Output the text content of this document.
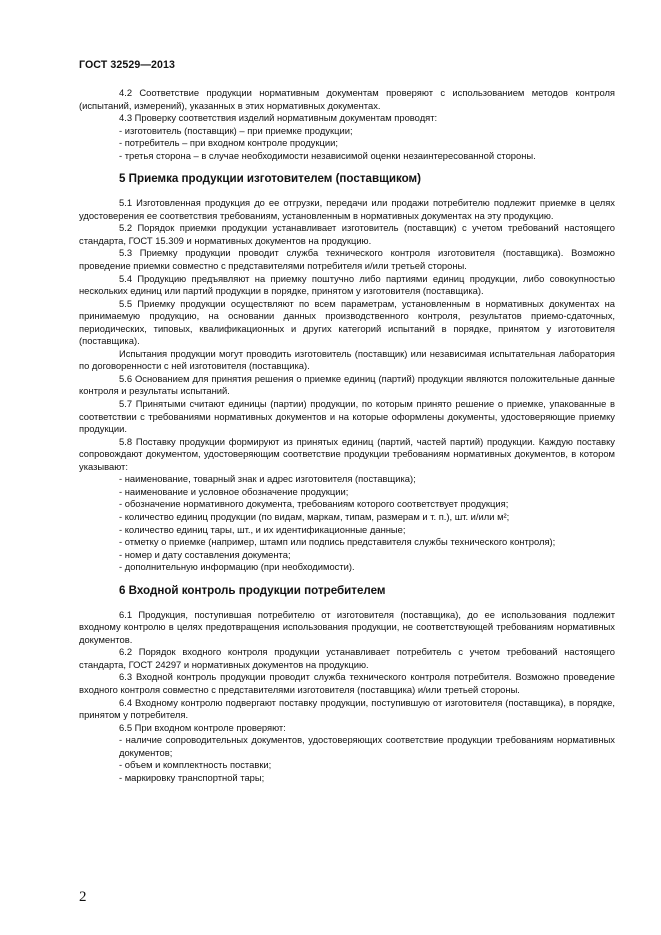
ГОСТ 32529—2013
4.2 Соответствие продукции нормативным документам проверяют с использованием методов контроля (испытаний, измерений), указанных в этих нормативных документах.
4.3 Проверку соответствия изделий нормативным документам проводят:
- изготовитель (поставщик) – при приемке продукции;
- потребитель – при входном контроле продукции;
- третья сторона – в случае необходимости независимой оценки незаинтересованной стороны.
5 Приемка продукции изготовителем (поставщиком)
5.1 Изготовленная продукция до ее отгрузки, передачи или продажи потребителю подлежит приемке в целях удостоверения ее соответствия требованиям, установленным в нормативных документах на эту продукцию.
5.2 Порядок приемки продукции устанавливает изготовитель (поставщик) с учетом требований настоящего стандарта, ГОСТ 15.309 и нормативных документов на продукцию.
5.3 Приемку продукции проводит служба технического контроля изготовителя (поставщика). Возможно проведение приемки совместно с представителями потребителя и/или третьей стороны.
5.4 Продукцию предъявляют на приемку поштучно либо партиями единиц продукции, либо совокупностью нескольких единиц или партий продукции в порядке, принятом у изготовителя (поставщика).
5.5 Приемку продукции осуществляют по всем параметрам, установленным в нормативных документах на принимаемую продукцию, на основании данных производственного контроля, результатов приемо-сдаточных, периодических, типовых, квалификационных и других категорий испытаний в порядке, принятом у изготовителя (поставщика).
Испытания продукции могут проводить изготовитель (поставщик) или независимая испытательная лаборатория по договоренности с ней изготовителя (поставщика).
5.6 Основанием для принятия решения о приемке единиц (партий) продукции являются положительные данные контроля и результаты испытаний.
5.7 Принятыми считают единицы (партии) продукции, по которым принято решение о приемке, упакованные в соответствии с требованиями нормативных документов и на которые оформлены документы, удостоверяющие приемку продукции.
5.8 Поставку продукции формируют из принятых единиц (партий, частей партий) продукции. Каждую поставку сопровождают документом, удостоверяющим соответствие продукции требованиям нормативных документов, в котором указывают:
- наименование, товарный знак и адрес изготовителя (поставщика);
- наименование и условное обозначение продукции;
- обозначение нормативного документа, требованиям которого соответствует продукция;
- количество единиц продукции (по видам, маркам, типам, размерам и т. п.), шт. и/или м²;
- количество единиц тары, шт., и их идентификационные данные;
- отметку о приемке (например, штамп или подпись представителя службы технического контроля);
- номер и дату составления документа;
- дополнительную информацию (при необходимости).
6 Входной контроль продукции потребителем
6.1 Продукция, поступившая потребителю от изготовителя (поставщика), до ее использования подлежит входному контролю в целях предотвращения использования продукции, не соответствующей требованиям нормативных документов.
6.2 Порядок входного контроля продукции устанавливает потребитель с учетом требований настоящего стандарта, ГОСТ 24297 и нормативных документов на продукцию.
6.3 Входной контроль продукции проводит служба технического контроля потребителя. Возможно проведение входного контроля совместно с представителями изготовителя (поставщика) и/или третьей стороны.
6.4 Входному контролю подвергают поставку продукции, поступившую от изготовителя (поставщика), в порядке, принятом у потребителя.
6.5 При входном контроле проверяют:
- наличие сопроводительных документов, удостоверяющих соответствие продукции требованиям нормативных документов;
- объем и комплектность поставки;
- маркировку транспортной тары;
2
